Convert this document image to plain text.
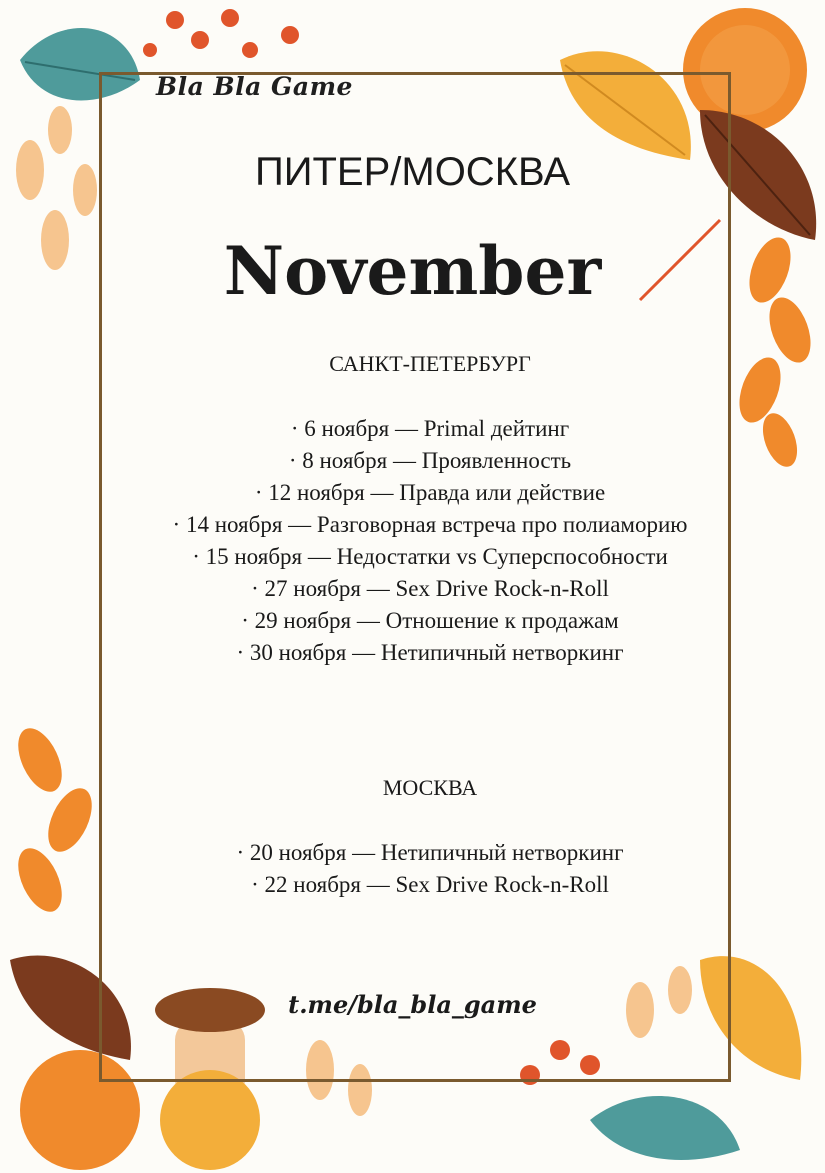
Bla Bla Game
ПИТЕР/МОСКВА
November
САНКТ-ПЕТЕРБУРГ
· 6 ноября — Primal дейтинг
· 8 ноября — Проявленность
· 12 ноября — Правда или действие
· 14 ноября — Разговорная встреча про полиаморию
· 15 ноября — Недостатки vs Суперспособности
· 27 ноября — Sex Drive Rock-n-Roll
· 29 ноября — Отношение к продажам
· 30 ноября — Нетипичный нетворкинг
МОСКВА
· 20 ноября — Нетипичный нетворкинг
· 22 ноября — Sex Drive Rock-n-Roll
t.me/bla_bla_game
